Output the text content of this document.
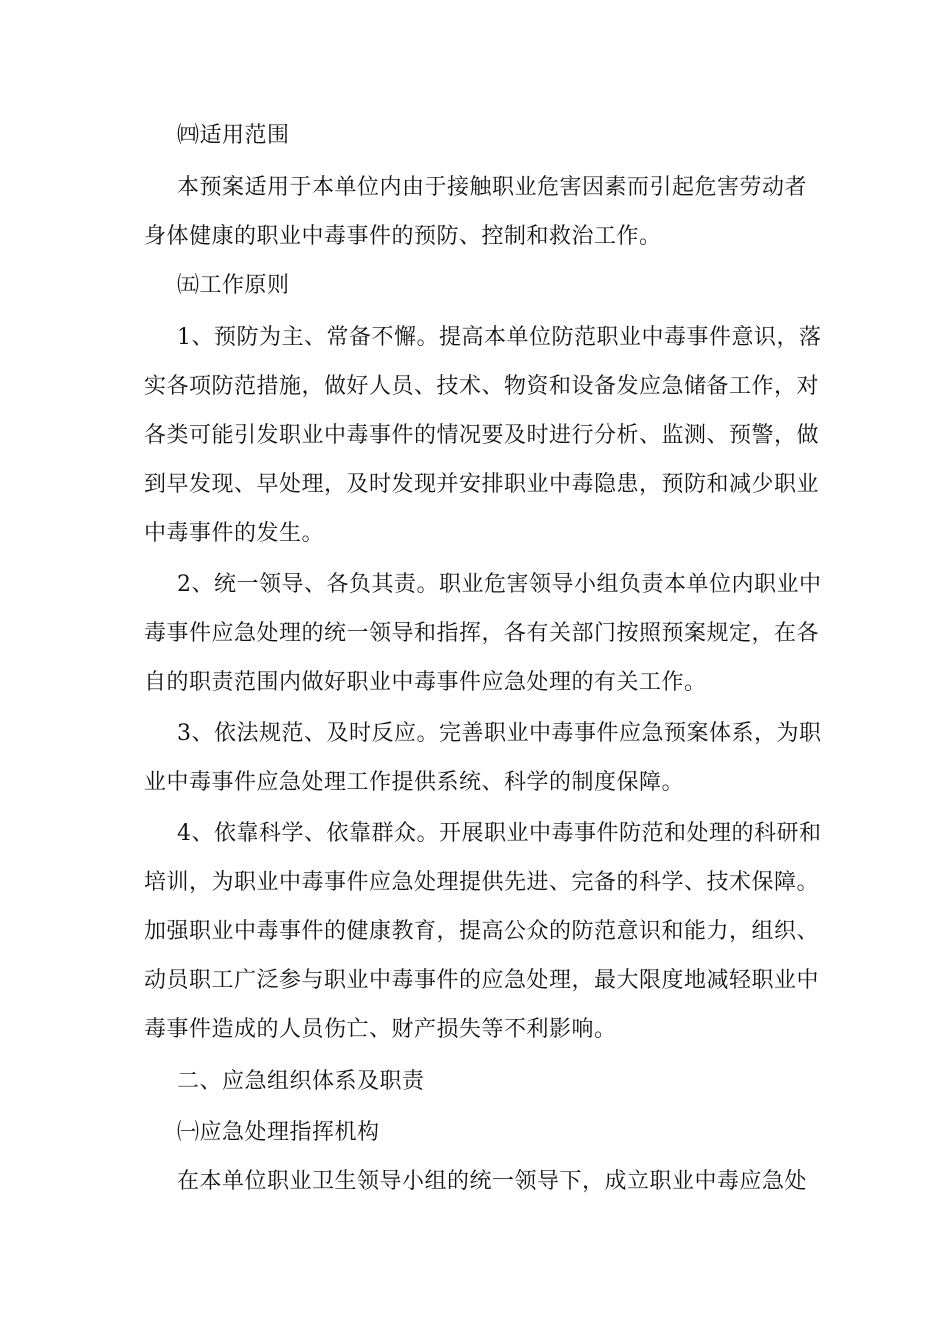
㈣适用范围
本预案适用于本单位内由于接触职业危害因素而引起危害劳动者
身体健康的职业中毒事件的预防、控制和救治工作。
㈤工作原则
1、预防为主、常备不懈。提高本单位防范职业中毒事件意识，落
实各项防范措施，做好人员、技术、物资和设备发应急储备工作，对
各类可能引发职业中毒事件的情况要及时进行分析、监测、预警，做
到早发现、早处理，及时发现并安排职业中毒隐患，预防和减少职业
中毒事件的发生。
2、统一领导、各负其责。职业危害领导小组负责本单位内职业中
毒事件应急处理的统一领导和指挥，各有关部门按照预案规定，在各
自的职责范围内做好职业中毒事件应急处理的有关工作。
3、依法规范、及时反应。完善职业中毒事件应急预案体系，为职
业中毒事件应急处理工作提供系统、科学的制度保障。
4、依靠科学、依靠群众。开展职业中毒事件防范和处理的科研和
培训，为职业中毒事件应急处理提供先进、完备的科学、技术保障。
加强职业中毒事件的健康教育，提高公众的防范意识和能力，组织、
动员职工广泛参与职业中毒事件的应急处理，最大限度地减轻职业中
毒事件造成的人员伤亡、财产损失等不利影响。
二、应急组织体系及职责
㈠应急处理指挥机构
在本单位职业卫生领导小组的统一领导下，成立职业中毒应急处
